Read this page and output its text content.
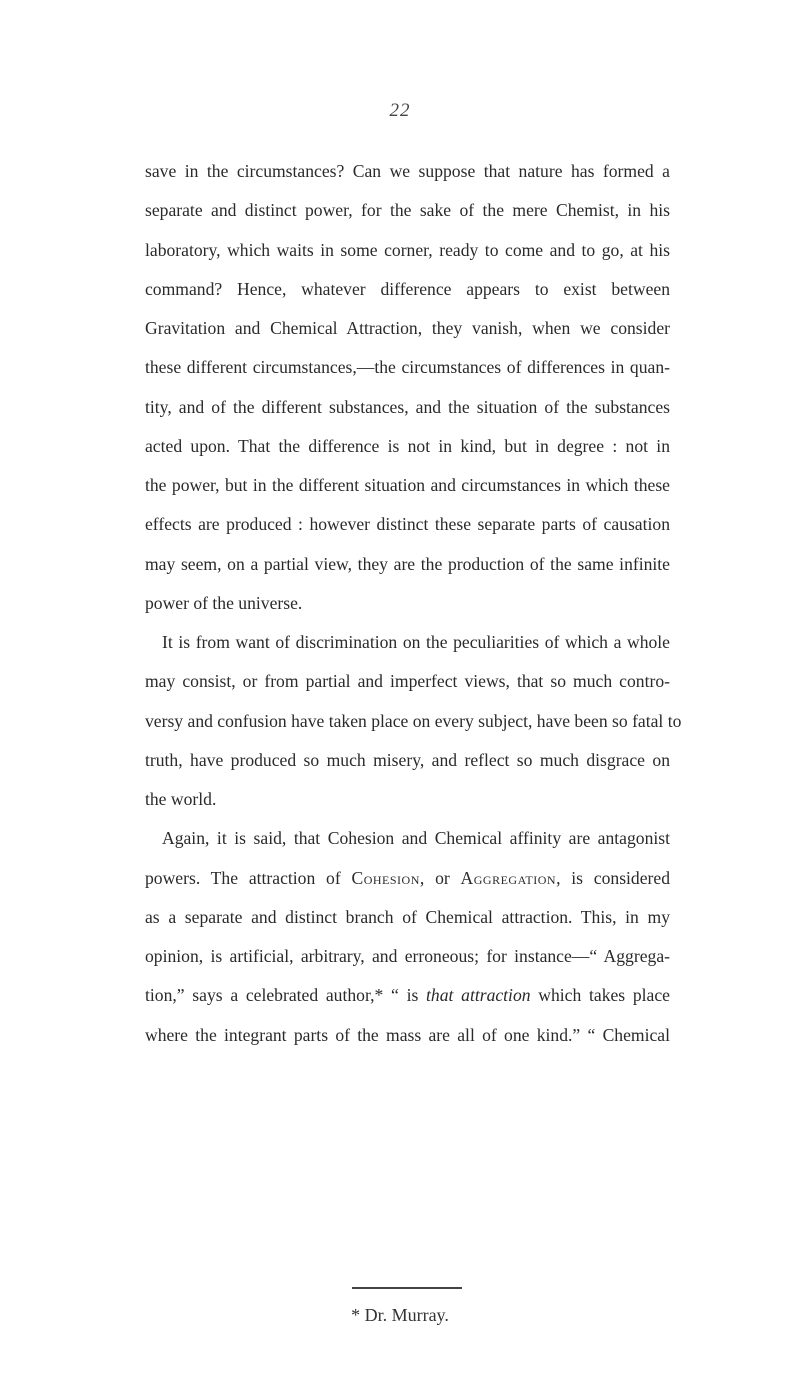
22
save in the circumstances? Can we suppose that nature has formed a
separate and distinct power, for the sake of the mere Chemist, in his
laboratory, which waits in some corner, ready to come and to go, at his
command? Hence, whatever difference appears to exist between
Gravitation and Chemical Attraction, they vanish, when we consider
these different circumstances,—the circumstances of differences in quan-
tity, and of the different substances, and the situation of the substances
acted upon. That the difference is not in kind, but in degree : not in
the power, but in the different situation and circumstances in which these
effects are produced : however distinct these separate parts of causation
may seem, on a partial view, they are the production of the same infinite
power of the universe.
It is from want of discrimination on the peculiarities of which a whole
may consist, or from partial and imperfect views, that so much contro-
versy and confusion have taken place on every subject, have been so fatal to
truth, have produced so much misery, and reflect so much disgrace on
the world.
Again, it is said, that Cohesion and Chemical affinity are antagonist
powers. The attraction of Cohesion, or Aggregation, is considered
as a separate and distinct branch of Chemical attraction. This, in my
opinion, is artificial, arbitrary, and erroneous; for instance—“ Aggrega-
tion,” says a celebrated author,* “ is that attraction which takes place
where the integrant parts of the mass are all of one kind.” “ Chemical
* Dr. Murray.
